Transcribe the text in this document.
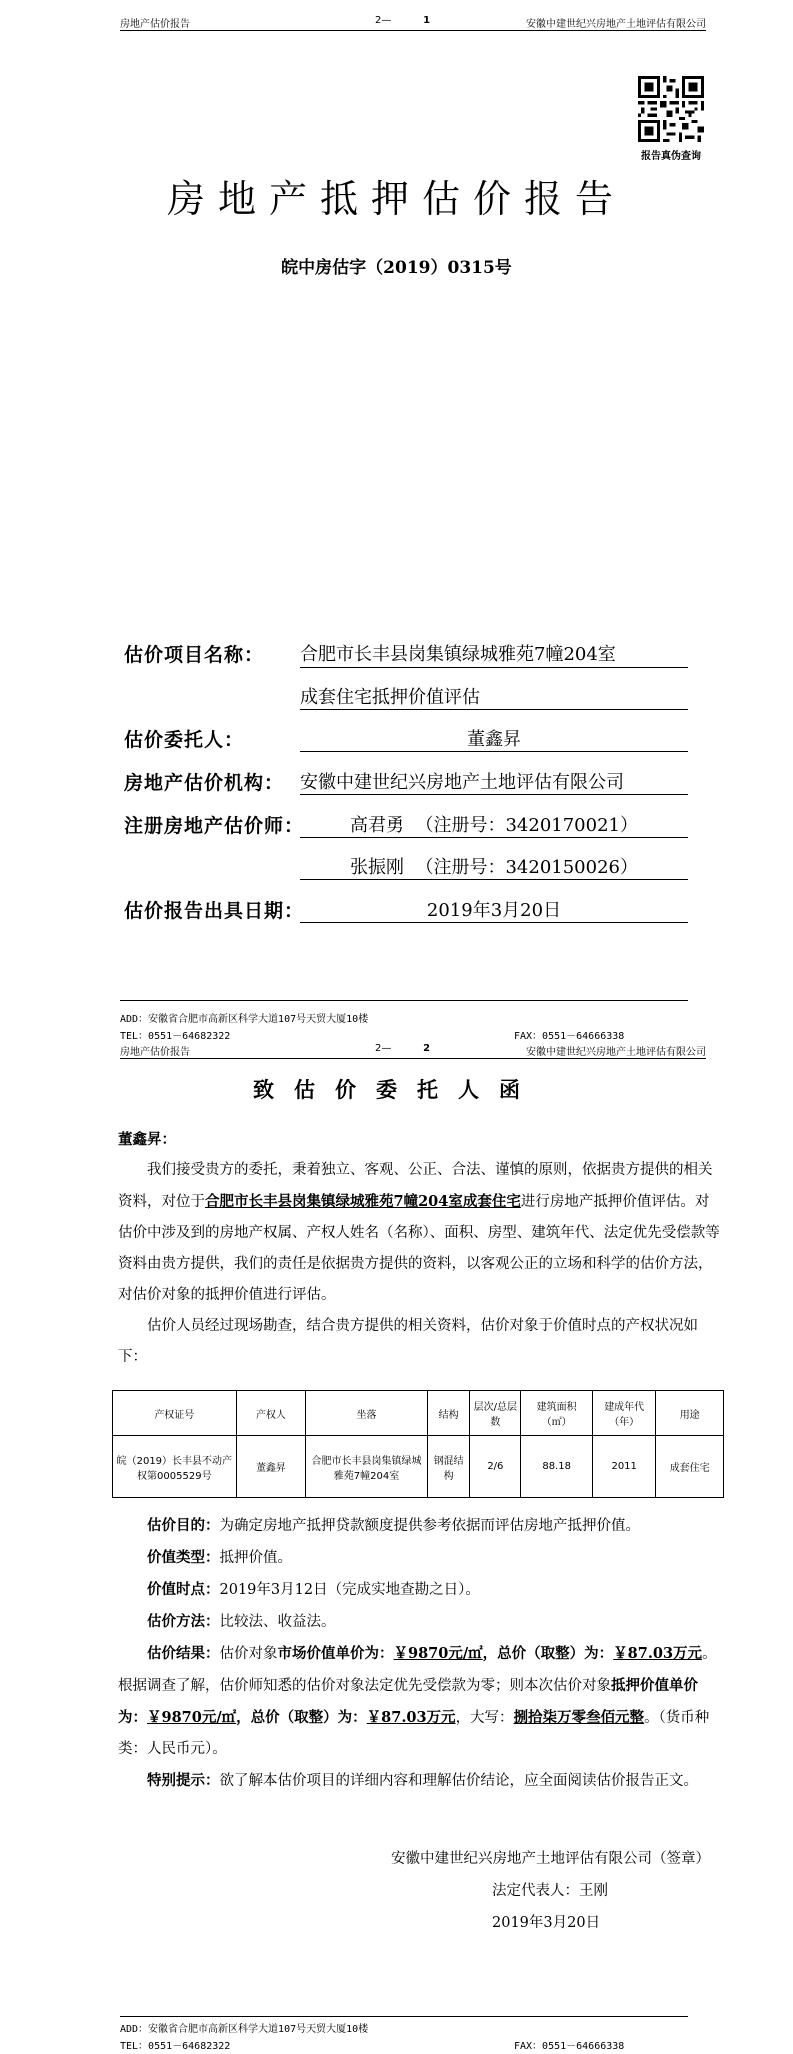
房地产估价报告	2—	1	安徽中建世纪兴房地产土地评估有限公司
报告真伪查询
房地产抵押估价报告
皖中房估字（2019）0315号
估价项目名称： 合肥市长丰县岗集镇绿城雅苑7幢204室
成套住宅抵押价值评估
估价委托人：	董鑫昇
房地产估价机构： 安徽中建世纪兴房地产土地评估有限公司
注册房地产估价师：	高君勇  （注册号：3420170021）
张振刚  （注册号：3420150026）
估价报告出具日期：	2019年3月20日
ADD：安徽省合肥市高新区科学大道107号天贸大厦10楼
TEL：0551－64682322	FAX：0551－64666338
房地产估价报告	2—	2	安徽中建世纪兴房地产土地评估有限公司
致估价委托人函

董鑫昇：

我们接受贵方的委托，秉着独立、客观、公正、合法、谨慎的原则，依据贵方提供的相关资料，对位于合肥市长丰县岗集镇绿城雅苑7幢204室成套住宅进行房地产抵押价值评估。对估价中涉及到的房地产权属、产权人姓名（名称）、面积、房型、建筑年代、法定优先受偿款等资料由贵方提供，我们的责任是依据贵方提供的资料，以客观公正的立场和科学的估价方法，对估价对象的抵押价值进行评估。

估价人员经过现场勘查，结合贵方提供的相关资料，估价对象于价值时点的产权状况如下：

产权证号	产权人	坐落	结构	层次/总层数	建筑面积（㎡）	建成年代（年）	用途
皖（2019）长丰县不动产权第0005529号	董鑫昇	合肥市长丰县岗集镇绿城雅苑7幢204室	钢混结构	2/6	88.18	2011	成套住宅

估价目的：为确定房地产抵押贷款额度提供参考依据而评估房地产抵押价值。

价值类型：抵押价值。

价值时点：2019年3月12日（完成实地查勘之日）。

估价方法：比较法、收益法。

估价结果：估价对象市场价值单价为：￥9870元/㎡，总价（取整）为：￥87.03万元。根据调查了解，估价师知悉的估价对象法定优先受偿款为零；则本次估价对象抵押价值单价为：￥9870元/㎡，总价（取整）为：￥87.03万元，大写：捌拾柒万零叁佰元整。（货币种类：人民币元）。

特别提示：欲了解本估价项目的详细内容和理解估价结论，应全面阅读估价报告正文。

安徽中建世纪兴房地产土地评估有限公司（签章）
法定代表人：王刚
2019年3月20日
ADD：安徽省合肥市高新区科学大道107号天贸大厦10楼
TEL：0551－64682322	FAX：0551－64666338
